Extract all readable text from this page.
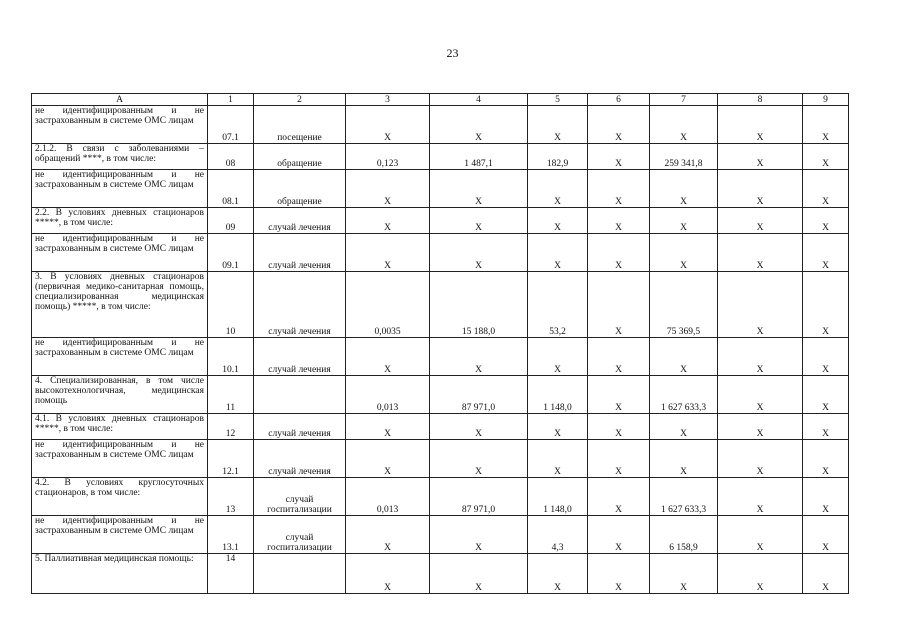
23
А	1	2	3	4	5	6	7	8	9
не идентифицированным и не застрахованным в системе ОМС лицам	07.1	посещение	Х	Х	Х	Х	Х	Х	Х
2.1.2. В связи с заболеваниями – обращений ****, в том числе:	08	обращение	0,123	1 487,1	182,9	Х	259 341,8	Х	Х
не идентифицированным и не застрахованным в системе ОМС лицам	08.1	обращение	Х	Х	Х	Х	Х	Х	Х
2.2. В условиях дневных стационаров *****, в том числе:	09	случай лечения	Х	Х	Х	Х	Х	Х	Х
не идентифицированным и не застрахованным в системе ОМС лицам	09.1	случай лечения	Х	Х	Х	Х	Х	Х	Х
3. В условиях дневных стационаров (первичная медико-санитарная помощь, специализированная медицинская помощь) *****, в том числе:	10	случай лечения	0,0035	15 188,0	53,2	Х	75 369,5	Х	Х
не идентифицированным и не застрахованным в системе ОМС лицам	10.1	случай лечения	Х	Х	Х	Х	Х	Х	Х
4. Специализированная, в том числе высокотехнологичная, медицинская помощь	11		0,013	87 971,0	1 148,0	Х	1 627 633,3	Х	Х
4.1. В условиях дневных стационаров *****, в том числе:	12	случай лечения	Х	Х	Х	Х	Х	Х	Х
не идентифицированным и не застрахованным в системе ОМС лицам	12.1	случай лечения	Х	Х	Х	Х	Х	Х	Х
4.2. В условиях круглосуточных стационаров, в том числе:	13	случай госпитализации	0,013	87 971,0	1 148,0	Х	1 627 633,3	Х	Х
не идентифицированным и не застрахованным в системе ОМС лицам	13.1	случай госпитализации	Х	Х	4,3	Х	6 158,9	Х	Х
5. Паллиативная медицинская помощь:	14		Х	Х	Х	Х	Х	Х	Х
